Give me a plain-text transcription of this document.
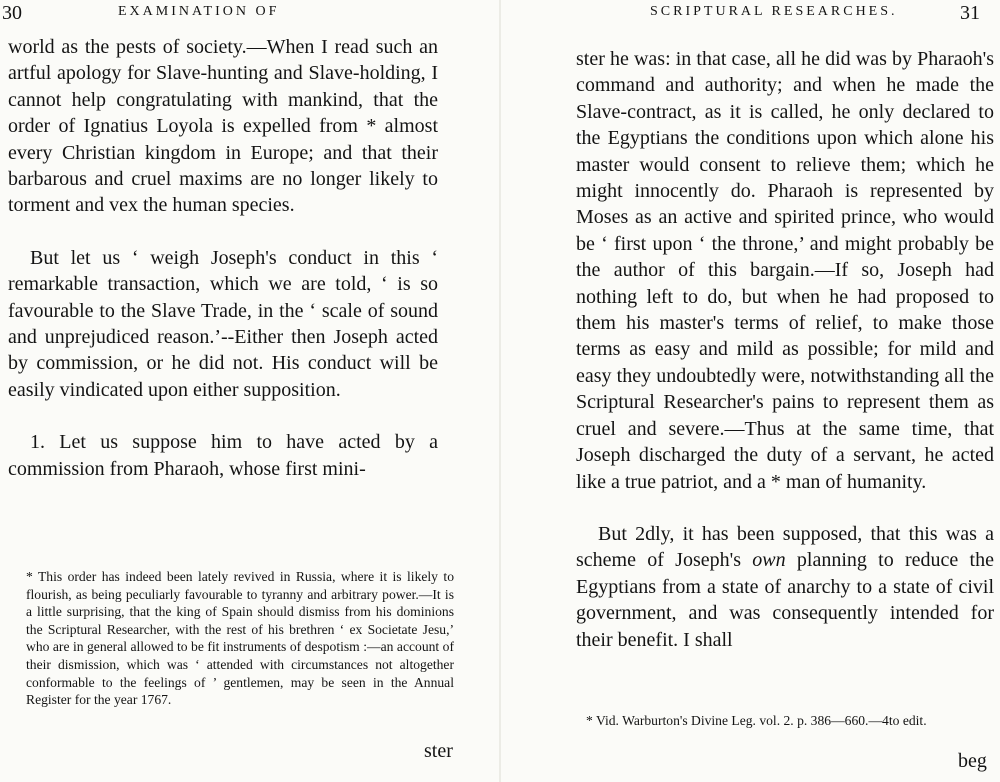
30	EXAMINATION OF

world as the pests of society.—When I read such an artful apology for Slave-hunting and Slave-holding, I cannot help congratulating with mankind, that the order of Ignatius Loyola is expelled from * almost every Christian kingdom in Europe; and that their barbarous and cruel maxims are no longer likely to torment and vex the human species.

But let us ‘ weigh Joseph's conduct in this ‘ remarkable transaction, which we are told, ‘ is so favourable to the Slave Trade, in the ‘ scale of sound and unprejudiced reason.’--Either then Joseph acted by commission, or he did not. His conduct will be easily vindicated upon either supposition.

1. Let us suppose him to have acted by a commission from Pharaoh, whose first mini-

* This order has indeed been lately revived in Russia, where it is likely to flourish, as being peculiarly favourable to tyranny and arbitrary power.—It is a little surprising, that the king of Spain should dismiss from his dominions the Scriptural Researcher, with the rest of his brethren ‘ ex Societate Jesu,’ who are in general allowed to be fit instruments of despotism :—an account of their dismission, which was ‘ attended with circumstances not altogether conformable to the feelings of ’ gentlemen, may be seen in the Annual Register for the year 1767.
ster
SCRIPTURAL RESEARCHES.	31

ster he was: in that case, all he did was by Pharaoh's command and authority; and when he made the Slave-contract, as it is called, he only declared to the Egyptians the conditions upon which alone his master would consent to relieve them; which he might innocently do. Pharaoh is represented by Moses as an active and spirited prince, who would be ‘ first upon ‘ the throne,’ and might probably be the author of this bargain.—If so, Joseph had nothing left to do, but when he had proposed to them his master's terms of relief, to make those terms as easy and mild as possible; for mild and easy they undoubtedly were, notwithstanding all the Scriptural Researcher's pains to represent them as cruel and severe.—Thus at the same time, that Joseph discharged the duty of a servant, he acted like a true patriot, and a * man of humanity.

But 2dly, it has been supposed, that this was a scheme of Joseph's own planning to reduce the Egyptians from a state of anarchy to a state of civil government, and was consequently intended for their benefit. I shall

* Vid. Warburton's Divine Leg. vol. 2. p. 386—660.—4to edit.
beg
